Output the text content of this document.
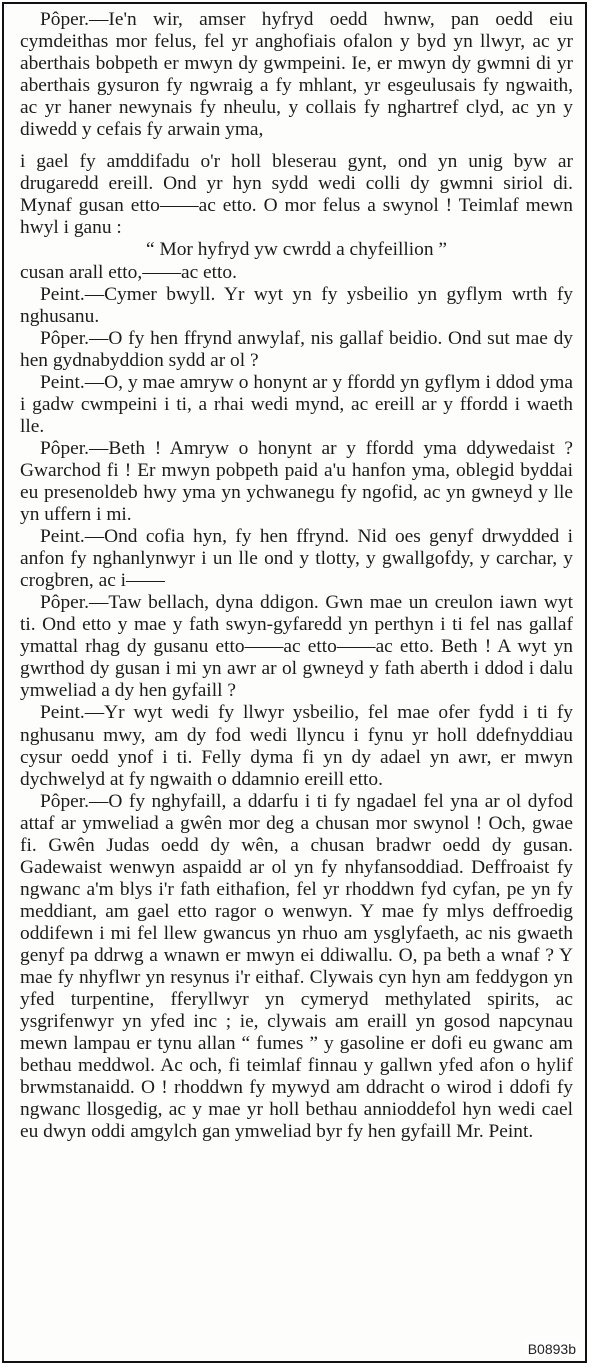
Pôper.—Ie'n wir, amser hyfryd oedd hwnw, pan oedd eiu cymdeithas mor felus, fel yr anghofiais ofalon y byd yn llwyr, ac yr aberthais bobpeth er mwyn dy gwmpeini. Ie, er mwyn dy gwmni di yr aberthais gysuron fy ngwraig a fy mhlant, yr esgeulusais fy ngwaith, ac yr haner newynais fy nheulu, y collais fy nghartref clyd, ac yn y diwedd y cefais fy arwain yma,

i gael fy amddifadu o'r holl bleserau gynt, ond yn unig byw ar drugaredd ereill. Ond yr hyn sydd wedi colli dy gwmni siriol di. Mynaf gusan etto——ac etto. O mor felus a swynol ! Teimlaf mewn hwyl i ganu :

“ Mor hyfryd yw cwrdd a chyfeillion ”

cusan arall etto,——ac etto.

Peint.—Cymer bwyll. Yr wyt yn fy ysbeilio yn gyflym wrth fy nghusanu.

Pôper.—O fy hen ffrynd anwylaf, nis gallaf beidio. Ond sut mae dy hen gydnabyddion sydd ar ol ?

Peint.—O, y mae amryw o honynt ar y ffordd yn gyflym i ddod yma i gadw cwmpeini i ti, a rhai wedi mynd, ac ereill ar y ffordd i waeth lle.

Pôper.—Beth ! Amryw o honynt ar y ffordd yma ddywedaist ? Gwarchod fi ! Er mwyn pobpeth paid a'u hanfon yma, oblegid byddai eu presenoldeb hwy yma yn ychwanegu fy ngofid, ac yn gwneyd y lle yn uffern i mi.

Peint.—Ond cofia hyn, fy hen ffrynd. Nid oes genyf drwydded i anfon fy nghanlynwyr i un lle ond y tlotty, y gwallgofdy, y carchar, y crogbren, ac i——

Pôper.—Taw bellach, dyna ddigon. Gwn mae un creulon iawn wyt ti. Ond etto y mae y fath swyn-gyfaredd yn perthyn i ti fel nas gallaf ymattal rhag dy gusanu etto——ac etto——ac etto. Beth ! A wyt yn gwrthod dy gusan i mi yn awr ar ol gwneyd y fath aberth i ddod i dalu ymweliad a dy hen gyfaill ?

Peint.—Yr wyt wedi fy llwyr ysbeilio, fel mae ofer fydd i ti fy nghusanu mwy, am dy fod wedi llyncu i fynu yr holl ddefnyddiau cysur oedd ynof i ti. Felly dyma fi yn dy adael yn awr, er mwyn dychwelyd at fy ngwaith o ddamnio ereill etto.

Pôper.—O fy nghyfaill, a ddarfu i ti fy ngadael fel yna ar ol dyfod attaf ar ymweliad a gwên mor deg a chusan mor swynol ! Och, gwae fi. Gwên Judas oedd dy wên, a chusan bradwr oedd dy gusan. Gadewaist wenwyn aspaidd ar ol yn fy nhyfansoddiad. Deffroaist fy ngwanc a'm blys i'r fath eithafion, fel yr rhoddwn fyd cyfan, pe yn fy meddiant, am gael etto ragor o wenwyn. Y mae fy mlys deffroedig oddifewn i mi fel llew gwancus yn rhuo am ysglyfaeth, ac nis gwaeth genyf pa ddrwg a wnawn er mwyn ei ddiwallu. O, pa beth a wnaf ? Y mae fy nhyflwr yn resynus i'r eithaf. Clywais cyn hyn am feddygon yn yfed turpentine, fferyllwyr yn cymeryd methylated spirits, ac ysgrifenwyr yn yfed inc ; ie, clywais am eraill yn gosod napcynau mewn lampau er tynu allan “ fumes ” y gasoline er dofi eu gwanc am bethau meddwol. Ac och, fi teimlaf finnau y gallwn yfed afon o hylif brwmstanaidd. O ! rhoddwn fy mywyd am ddracht o wirod i ddofi fy ngwanc llosgedig, ac y mae yr holl bethau annioddefol hyn wedi cael eu dwyn oddi amgylch gan ymweliad byr fy hen gyfaill Mr. Peint.

B0893b
